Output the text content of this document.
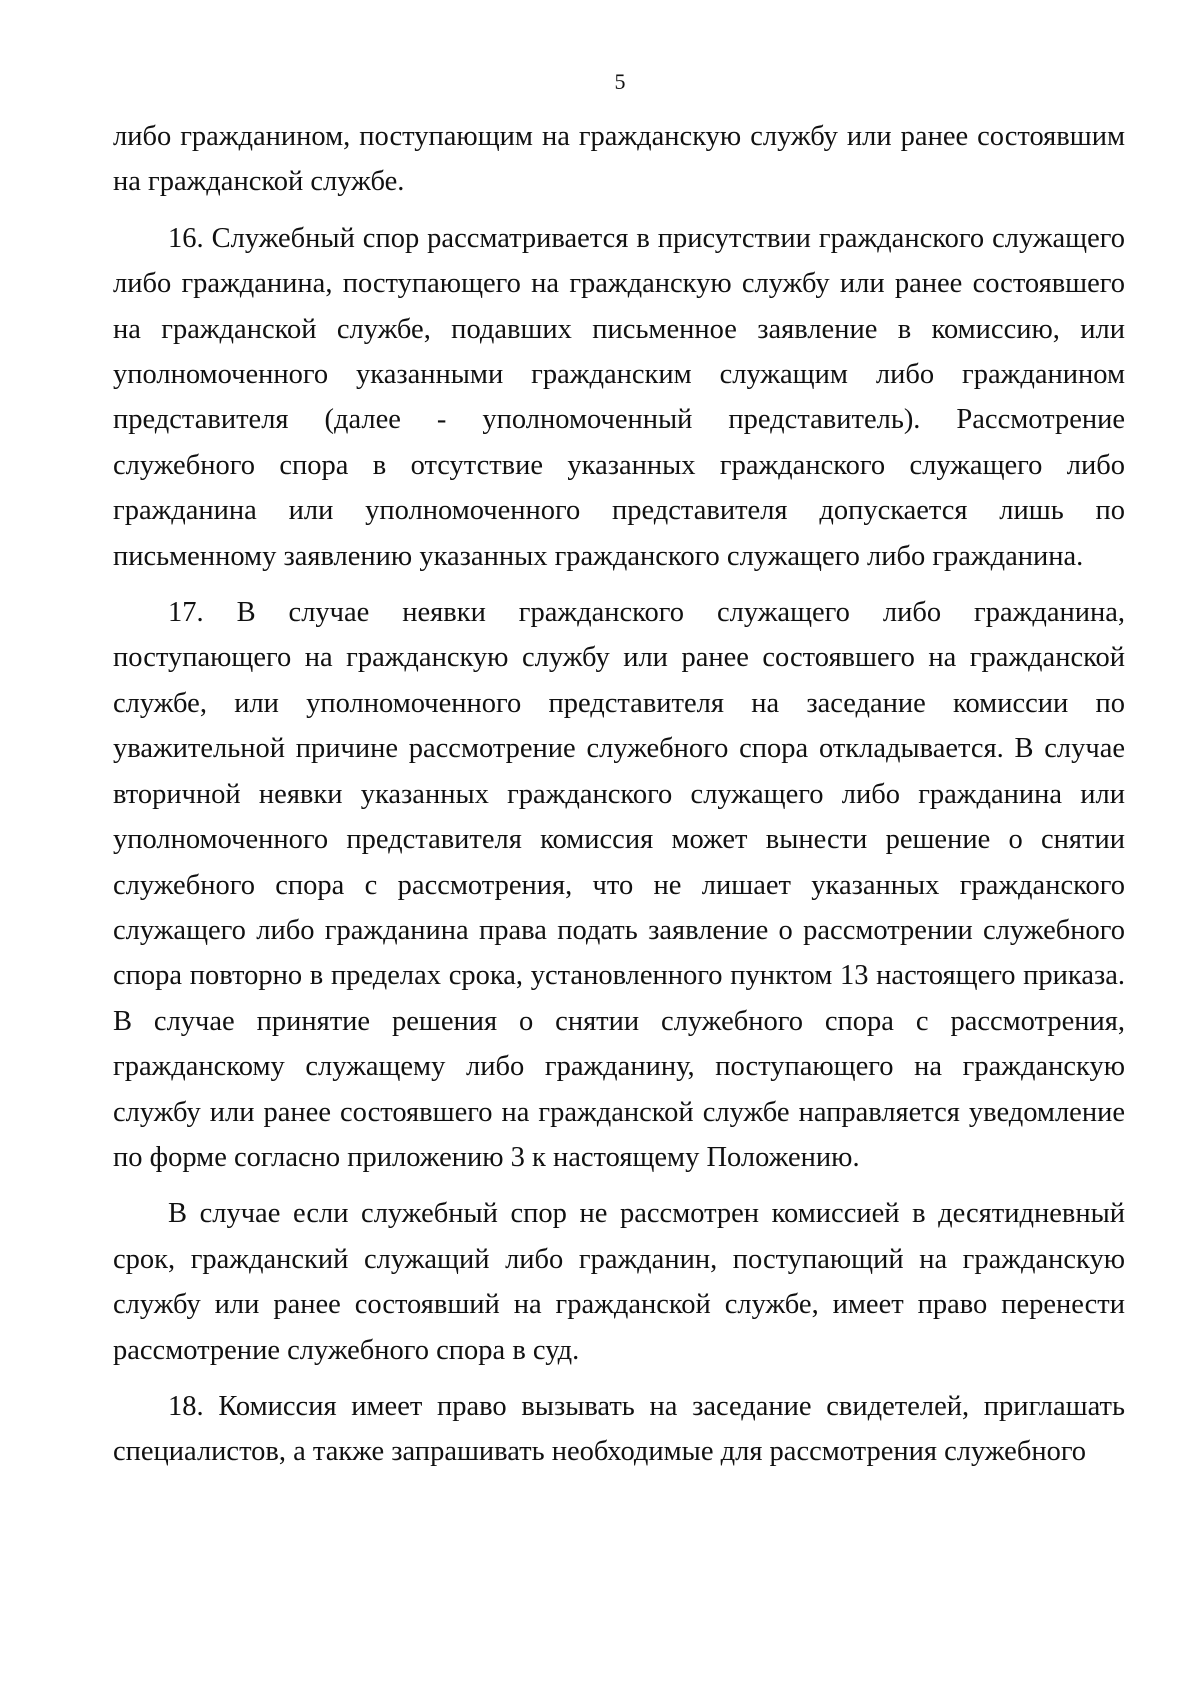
5

либо гражданином, поступающим на гражданскую службу или ранее состоявшим на гражданской службе.

16. Служебный спор рассматривается в присутствии гражданского служащего либо гражданина, поступающего на гражданскую службу или ранее состоявшего на гражданской службе, подавших письменное заявление в комиссию, или уполномоченного указанными гражданским служащим либо гражданином представителя (далее - уполномоченный представитель). Рассмотрение служебного спора в отсутствие указанных гражданского служащего либо гражданина или уполномоченного представителя допускается лишь по письменному заявлению указанных гражданского служащего либо гражданина.

17. В случае неявки гражданского служащего либо гражданина, поступающего на гражданскую службу или ранее состоявшего на гражданской службе, или уполномоченного представителя на заседание комиссии по уважительной причине рассмотрение служебного спора откладывается. В случае вторичной неявки указанных гражданского служащего либо гражданина или уполномоченного представителя комиссия может вынести решение о снятии служебного спора с рассмотрения, что не лишает указанных гражданского служащего либо гражданина права подать заявление о рассмотрении служебного спора повторно в пределах срока, установленного пунктом 13 настоящего приказа. В случае принятие решения о снятии служебного спора с рассмотрения, гражданскому служащему либо гражданину, поступающего на гражданскую службу или ранее состоявшего на гражданской службе направляется уведомление по форме согласно приложению 3 к настоящему Положению.

В случае если служебный спор не рассмотрен комиссией в десятидневный срок, гражданский служащий либо гражданин, поступающий на гражданскую службу или ранее состоявший на гражданской службе, имеет право перенести рассмотрение служебного спора в суд.

18. Комиссия имеет право вызывать на заседание свидетелей, приглашать специалистов, а также запрашивать необходимые для рассмотрения служебного
